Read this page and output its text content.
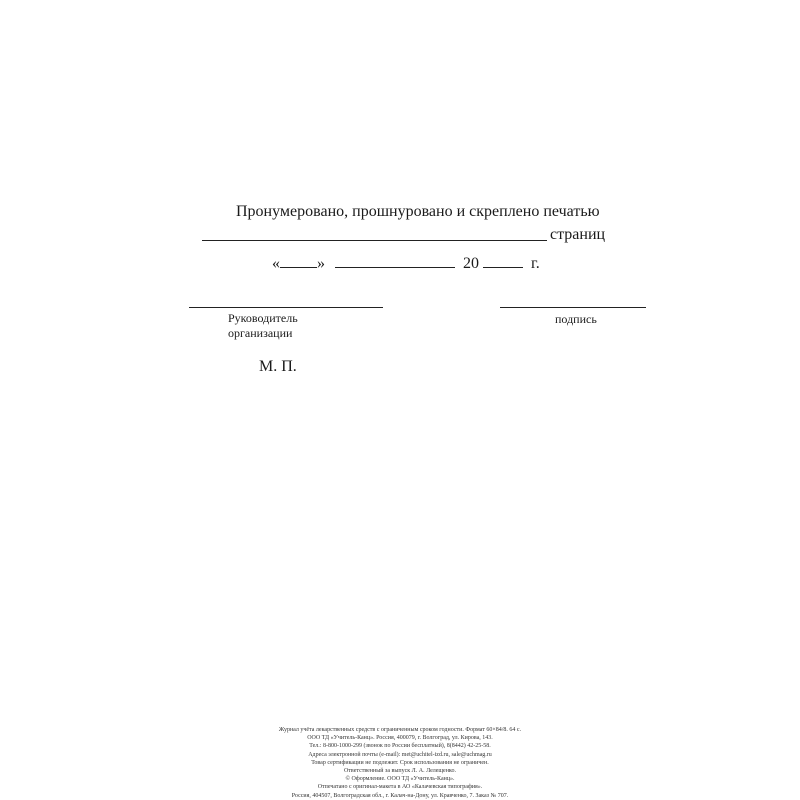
Пронумеровано, прошнуровано и скреплено печатью
страниц
« »	20	г.
Руководитель
организации
подпись
М. П.
Журнал учёта лекарственных средств с ограниченным сроком годности. Формат 60×84/8. 64 с.
ООО ТД «Учитель-Канц». Россия, 400079, г. Волгоград, ул. Кирова, 143.
Тел.: 8-800-1000-299 (звонок по России бесплатный), 8(8442) 42-25-58.
Адреса электронной почты (e-mail): met@uchitel-izd.ru, sale@uchmag.ru
Товар сертификации не подлежит. Срок использования не ограничен.
Ответственный за выпуск Л. А. Лелещенко.
© Оформление. ООО ТД «Учитель-Канц».
Отпечатано с оригинал-макета в АО «Калачевская типография».
Россия, 404507, Волгоградская обл., г. Калач-на-Дону, ул. Кравченко, 7. Заказ № 707.
